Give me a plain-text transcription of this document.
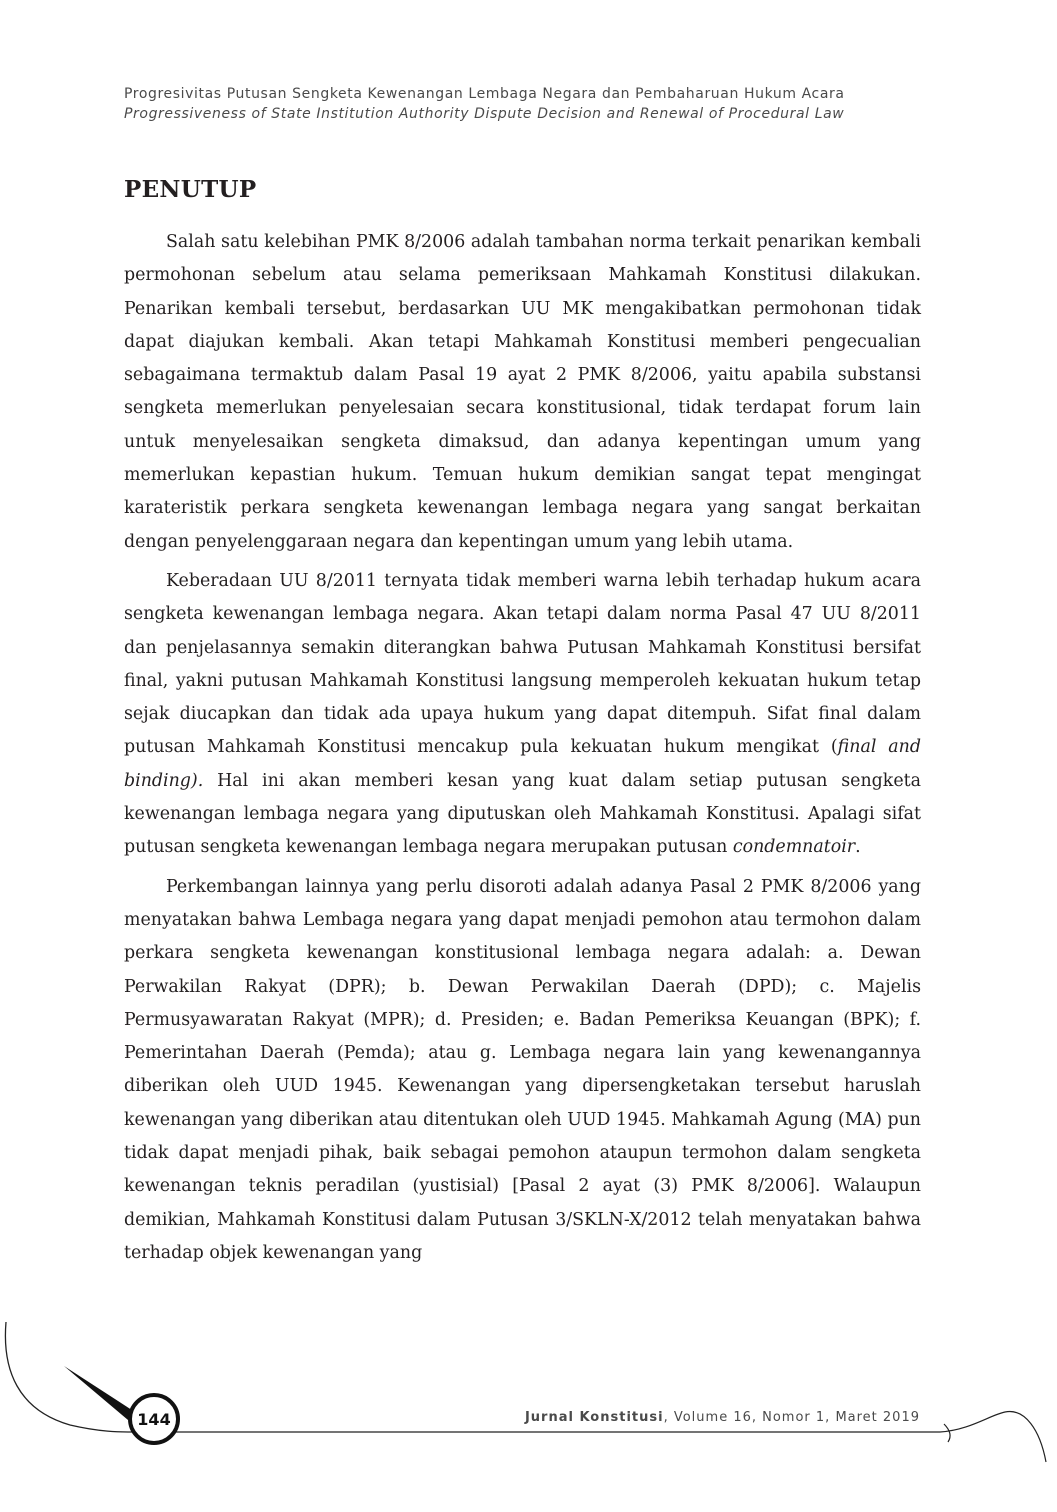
Progresivitas Putusan Sengketa Kewenangan Lembaga Negara dan Pembaharuan Hukum Acara
Progressiveness of State Institution Authority Dispute Decision and Renewal of Procedural Law
PENUTUP

Salah satu kelebihan PMK 8/2006 adalah tambahan norma terkait penarikan kembali permohonan sebelum atau selama pemeriksaan Mahkamah Konstitusi dilakukan. Penarikan kembali tersebut, berdasarkan UU MK mengakibatkan permohonan tidak dapat diajukan kembali. Akan tetapi Mahkamah Konstitusi memberi pengecualian sebagaimana termaktub dalam Pasal 19 ayat 2 PMK 8/2006, yaitu apabila substansi sengketa memerlukan penyelesaian secara konstitusional, tidak terdapat forum lain untuk menyelesaikan sengketa dimaksud, dan adanya kepentingan umum yang memerlukan kepastian hukum. Temuan hukum demikian sangat tepat mengingat karateristik perkara sengketa kewenangan lembaga negara yang sangat berkaitan dengan penyelenggaraan negara dan kepentingan umum yang lebih utama.

Keberadaan UU 8/2011 ternyata tidak memberi warna lebih terhadap hukum acara sengketa kewenangan lembaga negara. Akan tetapi dalam norma Pasal 47 UU 8/2011 dan penjelasannya semakin diterangkan bahwa Putusan Mahkamah Konstitusi bersifat final, yakni putusan Mahkamah Konstitusi langsung memperoleh kekuatan hukum tetap sejak diucapkan dan tidak ada upaya hukum yang dapat ditempuh. Sifat final dalam putusan Mahkamah Konstitusi mencakup pula kekuatan hukum mengikat (final and binding). Hal ini akan memberi kesan yang kuat dalam setiap putusan sengketa kewenangan lembaga negara yang diputuskan oleh Mahkamah Konstitusi. Apalagi sifat putusan sengketa kewenangan lembaga negara merupakan putusan condemnatoir.

Perkembangan lainnya yang perlu disoroti adalah adanya Pasal 2 PMK 8/2006 yang menyatakan bahwa Lembaga negara yang dapat menjadi pemohon atau termohon dalam perkara sengketa kewenangan konstitusional lembaga negara adalah: a. Dewan Perwakilan Rakyat (DPR); b. Dewan Perwakilan Daerah (DPD); c. Majelis Permusyawaratan Rakyat (MPR); d. Presiden; e. Badan Pemeriksa Keuangan (BPK); f. Pemerintahan Daerah (Pemda); atau g. Lembaga negara lain yang kewenangannya diberikan oleh UUD 1945. Kewenangan yang dipersengketakan tersebut haruslah kewenangan yang diberikan atau ditentukan oleh UUD 1945. Mahkamah Agung (MA) pun tidak dapat menjadi pihak, baik sebagai pemohon ataupun termohon dalam sengketa kewenangan teknis peradilan (yustisial) [Pasal 2 ayat (3) PMK 8/2006]. Walaupun demikian, Mahkamah Konstitusi dalam Putusan 3/SKLN-X/2012 telah menyatakan bahwa terhadap objek kewenangan yang

144	Jurnal Konstitusi, Volume 16, Nomor 1, Maret 2019
